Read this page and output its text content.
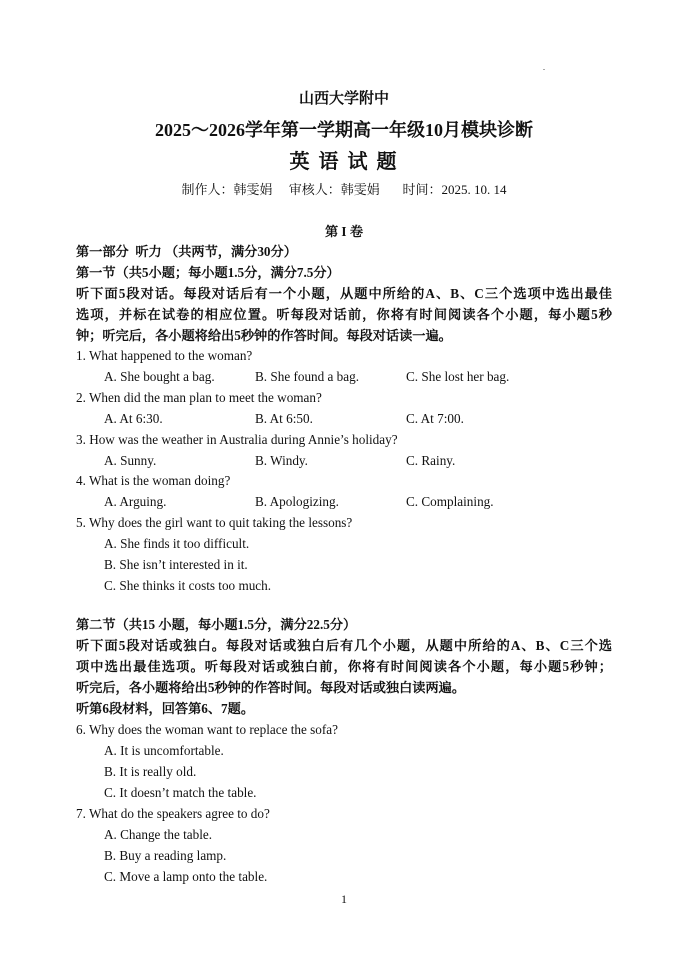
.
山西大学附中
2025～2026学年第一学期高一年级10月模块诊断
英 语 试 题
制作人：韩雯娟     审核人：韩雯娟       时间：2025. 10. 14
第 I 卷
第一部分  听力 （共两节，满分30分）
第一节（共5小题；每小题1.5分，满分7.5分）
听下面5段对话。每段对话后有一个小题，从题中所给的A、B、C三个选项中选出最佳
选项，并标在试卷的相应位置。听每段对话前，你将有时间阅读各个小题，每小题5秒
钟；听完后，各小题将给出5秒钟的作答时间。每段对话读一遍。
1. What happened to the woman?
A. She bought a bag.	B. She found a bag.	C. She lost her bag.
2. When did the man plan to meet the woman?
A. At 6:30.	B. At 6:50.	C. At 7:00.
3. How was the weather in Australia during Annie’s holiday?
A. Sunny.	B. Windy.	C. Rainy.
4. What is the woman doing?
A. Arguing.	B. Apologizing.	C. Complaining.
5. Why does the girl want to quit taking the lessons?
A. She finds it too difficult.
B. She isn’t interested in it.
C. She thinks it costs too much.
第二节（共15 小题，每小题1.5分，满分22.5分）
听下面5段对话或独白。每段对话或独白后有几个小题，从题中所给的A、B、C三个选
项中选出最佳选项。听每段对话或独白前，你将有时间阅读各个小题，每小题5秒钟；
听完后，各小题将给出5秒钟的作答时间。每段对话或独白读两遍。
听第6段材料，回答第6、7题。
6. Why does the woman want to replace the sofa?
A. It is uncomfortable.
B. It is really old.
C. It doesn’t match the table.
7. What do the speakers agree to do?
A. Change the table.
B. Buy a reading lamp.
C. Move a lamp onto the table.
1
